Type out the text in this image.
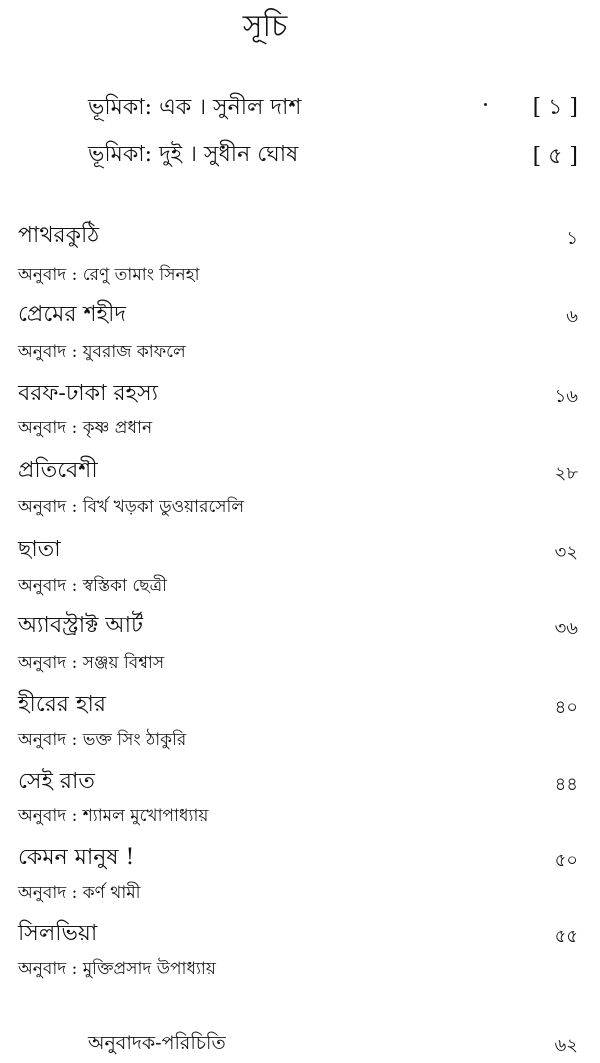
সূচি
ভূমিকা: এক । সুনীল দাশ	[ ১ ]
ভূমিকা: দুই । সুধীন ঘোষ	[ ৫ ]
পাথরকুঠি	১
অনুবাদ : রেণু তামাং সিনহা
প্রেমের শহীদ	৬
অনুবাদ : যুবরাজ কাফলে
বরফ-ঢাকা রহস্য	১৬
অনুবাদ : কৃষ্ণ প্রধান
প্রতিবেশী	২৮
অনুবাদ : বির্খ খড়কা ডুওয়ারসেলি
ছাতা	৩২
অনুবাদ : স্বস্তিকা ছেত্রী
অ্যাবস্ট্রাক্ট আর্ট	৩৬
অনুবাদ : সঞ্জয় বিশ্বাস
হীরের হার	৪০
অনুবাদ : ভক্ত সিং ঠাকুরি
সেই রাত	৪৪
অনুবাদ : শ্যামল মুখোপাধ্যায়
কেমন মানুষ !	৫০
অনুবাদ : কর্ণ থামী
সিলভিয়া	৫৫
অনুবাদ : মুক্তিপ্রসাদ উপাধ্যায়
অনুবাদক-পরিচিতি	৬২
